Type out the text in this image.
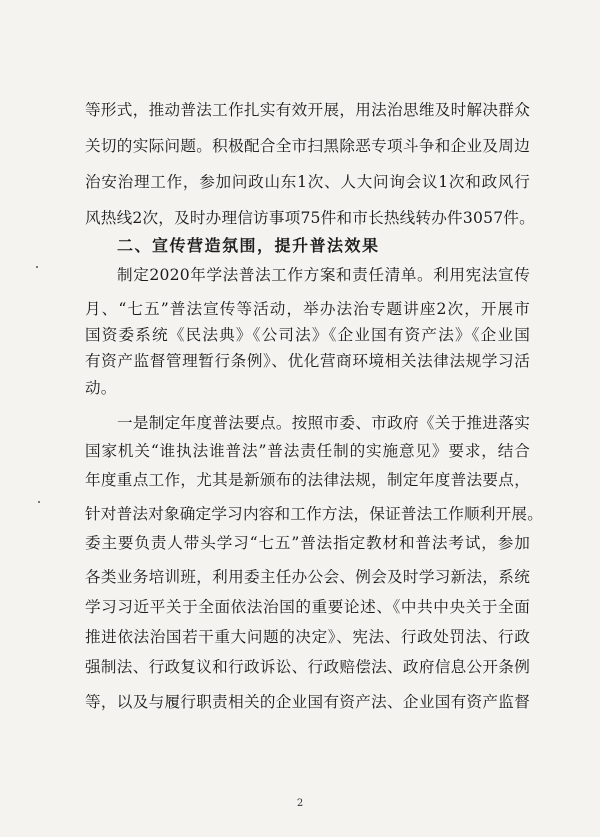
等形式，推动普法工作扎实有效开展，用法治思维及时解决群众
关切的实际问题。积极配合全市扫黑除恶专项斗争和企业及周边
治安治理工作，参加问政山东1次、人大问询会议1次和政风行
风热线2次，及时办理信访事项75件和市长热线转办件3057件。
二、宣传营造氛围，提升普法效果
制定2020年学法普法工作方案和责任清单。利用宪法宣传
月、“七五”普法宣传等活动，举办法治专题讲座2次，开展市
国资委系统《民法典》《公司法》《企业国有资产法》《企业国
有资产监督管理暂行条例》、优化营商环境相关法律法规学习活
动。
一是制定年度普法要点。按照市委、市政府《关于推进落实
国家机关“谁执法谁普法”普法责任制的实施意见》要求，结合
年度重点工作，尤其是新颁布的法律法规，制定年度普法要点，
针对普法对象确定学习内容和工作方法，保证普法工作顺利开展。
委主要负责人带头学习“七五”普法指定教材和普法考试，参加
各类业务培训班，利用委主任办公会、例会及时学习新法，系统
学习习近平关于全面依法治国的重要论述、《中共中央关于全面
推进依法治国若干重大问题的决定》、宪法、行政处罚法、行政
强制法、行政复议和行政诉讼、行政赔偿法、政府信息公开条例
等，以及与履行职责相关的企业国有资产法、企业国有资产监督
2
